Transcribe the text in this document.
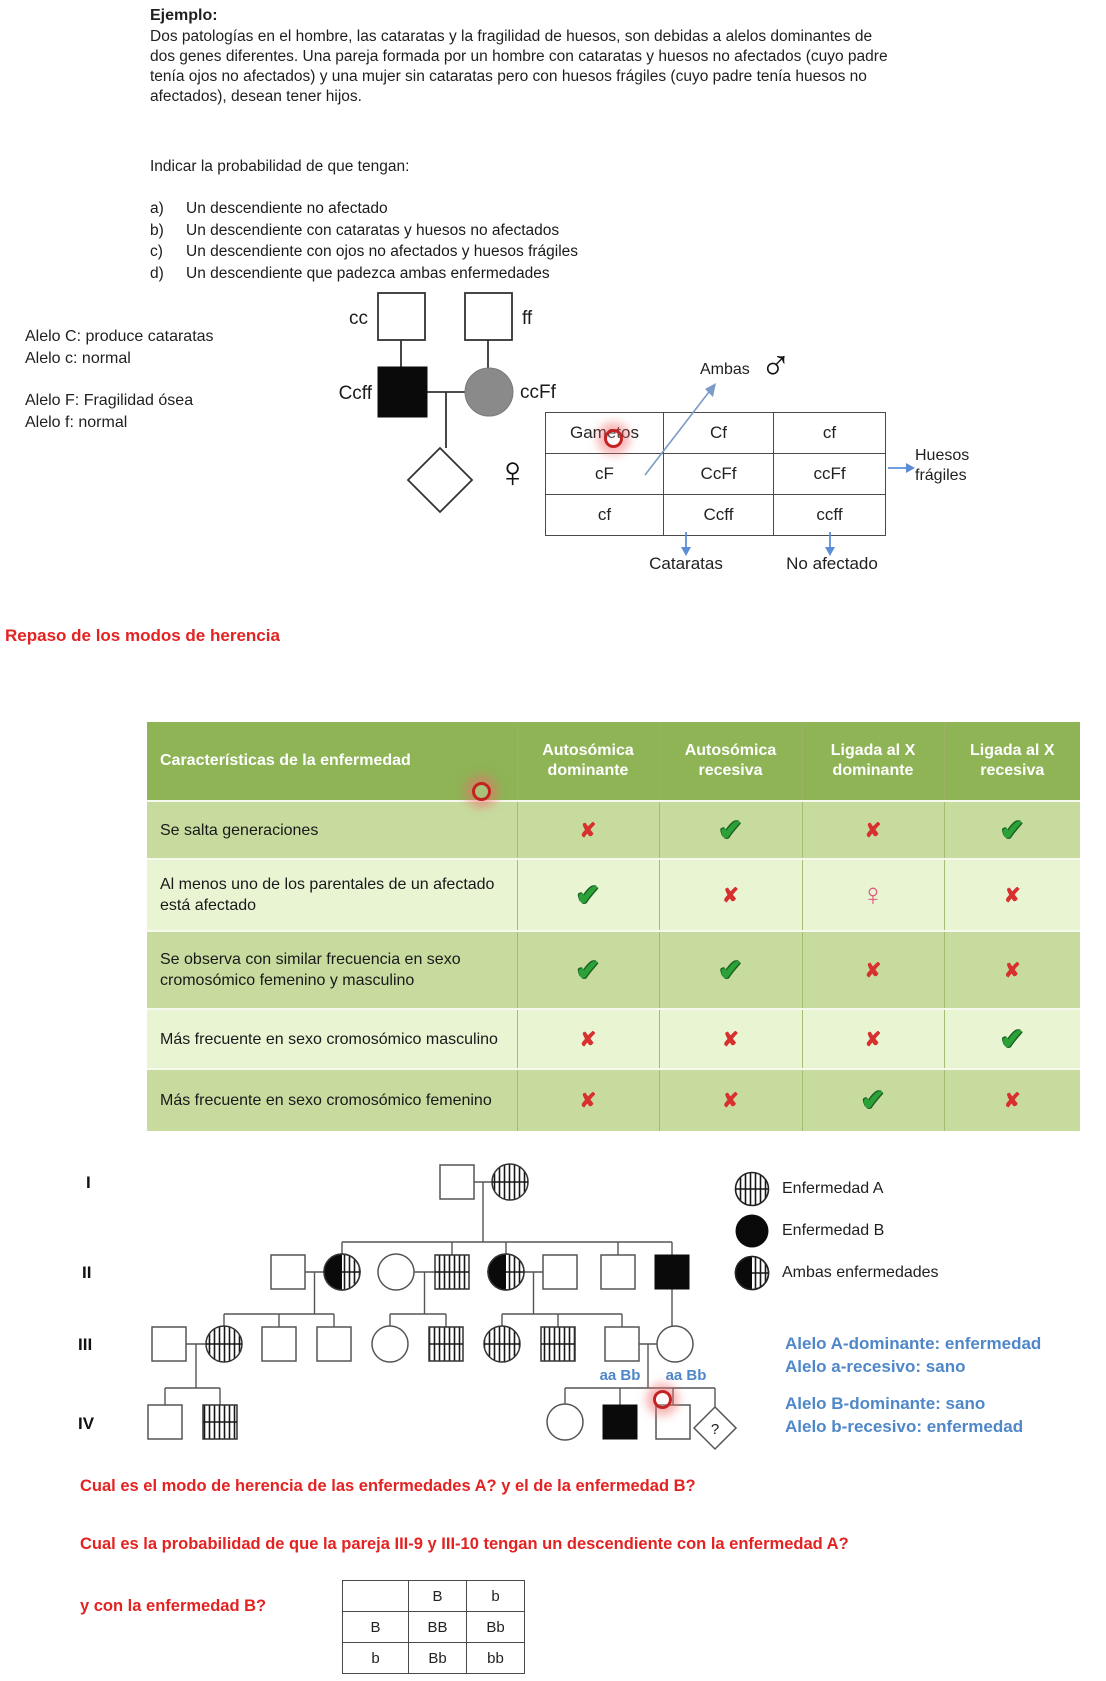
Ejemplo:
Dos patologías en el hombre, las cataratas y la fragilidad de huesos, son debidas a alelos dominantes de
dos genes diferentes. Una pareja formada por un hombre con cataratas y huesos no afectados (cuyo padre
tenía ojos no afectados) y una mujer sin cataratas pero con huesos frágiles (cuyo padre tenía huesos no
afectados), desean tener hijos.
Indicar la probabilidad de que tengan:
a)	Un descendiente no afectado
b)	Un descendiente con cataratas y huesos no afectados
c)	Un descendiente con ojos no afectados y huesos frágiles
d)	Un descendiente que padezca ambas enfermedades
Alelo C: produce cataratas
Alelo c: normal
Alelo F: Fragilidad ósea
Alelo f: normal
cc	ff
Ccff	ccFf
♀
♂
Ambas
Gametos	Cf	cf
cF	CcFf	ccFf
cf	Ccff	ccff
Huesos frágiles
Cataratas	No afectado
Repaso de los modos de herencia
Características de la enfermedad	Autosómica dominante	Autosómica recesiva	Ligada al X dominante	Ligada al X recesiva
Se salta generaciones	✘	✔	✘	✔
Al menos uno de los parentales de un afectado está afectado	✔	✘	♀	✘
Se observa con similar frecuencia en sexo cromosómico femenino y masculino	✔	✔	✘	✘
Más frecuente en sexo cromosómico masculino	✘	✘	✘	✔
Más frecuente en sexo cromosómico femenino	✘	✘	✔	✘
aa Bb aa Bb
?
I
II
III
IV
Enfermedad A
Enfermedad B
Ambas enfermedades
Alelo A-dominante: enfermedad
Alelo a-recesivo: sano
Alelo B-dominante: sano
Alelo b-recesivo: enfermedad
Cual es el modo de herencia de las enfermedades A? y el de la enfermedad B?
Cual es la probabilidad de que la pareja III-9 y III-10 tengan un descendiente con la enfermedad A?
y con la enfermedad B?
	B	b
B	BB	Bb
b	Bb	bb
